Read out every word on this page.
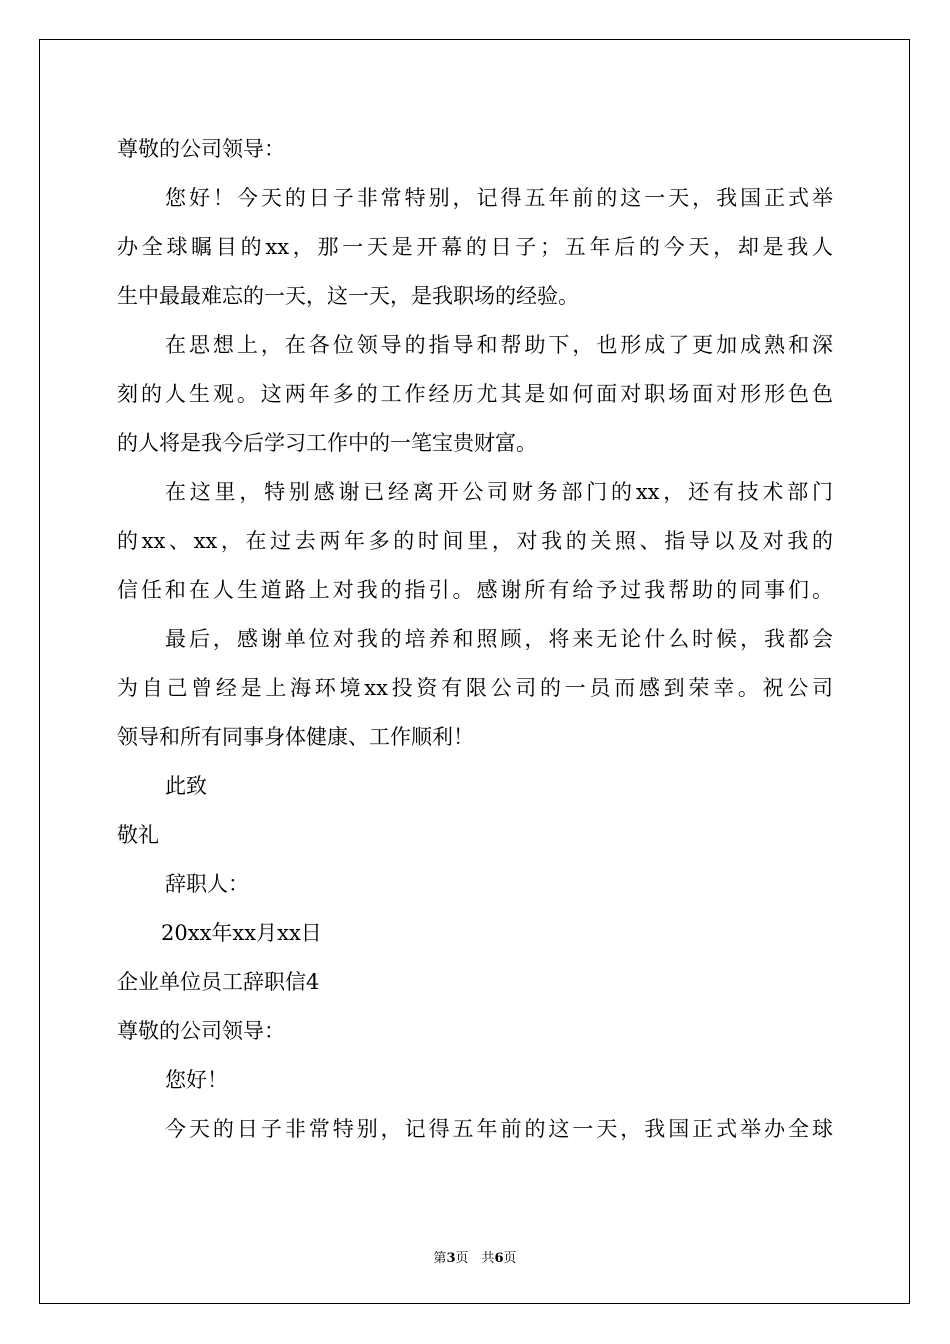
尊敬的公司领导：
您好！今天的日子非常特别，记得五年前的这一天，我国正式举
办全球瞩目的xx，那一天是开幕的日子；五年后的今天，却是我人
生中最最难忘的一天，这一天，是我职场的经验。
在思想上，在各位领导的指导和帮助下，也形成了更加成熟和深
刻的人生观。这两年多的工作经历尤其是如何面对职场面对形形色色
的人将是我今后学习工作中的一笔宝贵财富。
在这里，特别感谢已经离开公司财务部门的xx，还有技术部门
的xx、xx，在过去两年多的时间里，对我的关照、指导以及对我的
信任和在人生道路上对我的指引。感谢所有给予过我帮助的同事们。
最后，感谢单位对我的培养和照顾，将来无论什么时候，我都会
为自己曾经是上海环境xx投资有限公司的一员而感到荣幸。祝公司
领导和所有同事身体健康、工作顺利！
此致
敬礼
辞职人：
20xx年xx月xx日
企业单位员工辞职信4
尊敬的公司领导：
您好！
今天的日子非常特别，记得五年前的这一天，我国正式举办全球
第3页　共6页
